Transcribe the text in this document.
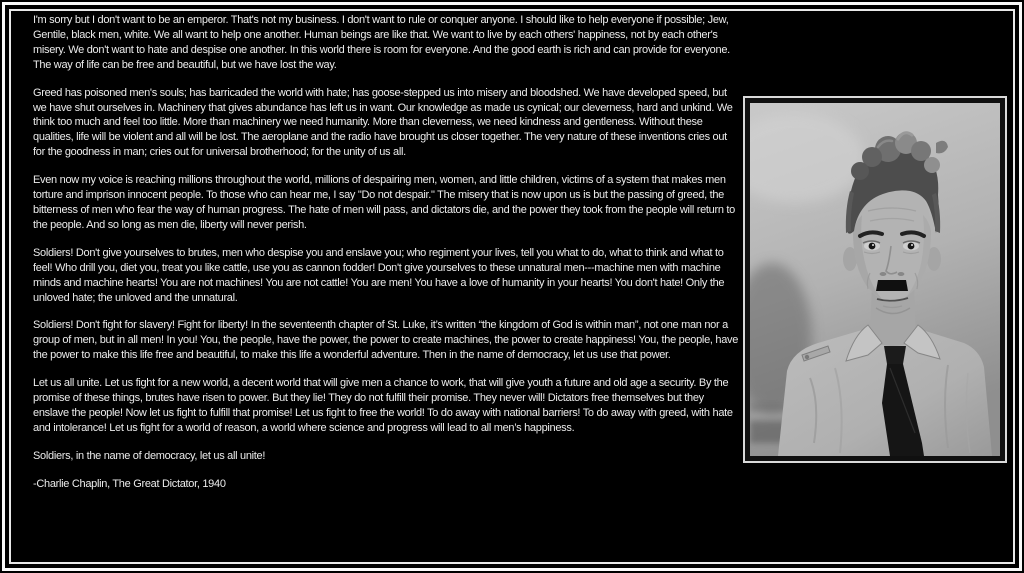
I'm sorry but I don't want to be an emperor. That's not my business. I don't want to rule or conquer anyone. I should like to help everyone if possible; Jew, Gentile, black men, white. We all want to help one another. Human beings are like that. We want to live by each others' happiness, not by each other's misery. We don't want to hate and despise one another. In this world there is room for everyone. And the good earth is rich and can provide for everyone. The way of life can be free and beautiful, but we have lost the way.

Greed has poisoned men's souls; has barricaded the world with hate; has goose-stepped us into misery and bloodshed. We have developed speed, but we have shut ourselves in. Machinery that gives abundance has left us in want. Our knowledge as made us cynical; our cleverness, hard and unkind. We think too much and feel too little. More than machinery we need humanity. More than cleverness, we need kindness and gentleness. Without these qualities, life will be violent and all will be lost. The aeroplane and the radio have brought us closer together. The very nature of these inventions cries out for the goodness in man; cries out for universal brotherhood; for the unity of us all.

Even now my voice is reaching millions throughout the world, millions of despairing men, women, and little children, victims of a system that makes men torture and imprison innocent people. To those who can hear me, I say "Do not despair." The misery that is now upon us is but the passing of greed, the bitterness of men who fear the way of human progress. The hate of men will pass, and dictators die, and the power they took from the people will return to the people. And so long as men die, liberty will never perish.

Soldiers! Don't give yourselves to brutes, men who despise you and enslave you; who regiment your lives, tell you what to do, what to think and what to feel! Who drill you, diet you, treat you like cattle, use you as cannon fodder! Don't give yourselves to these unnatural men---machine men with machine minds and machine hearts! You are not machines! You are not cattle! You are men! You have a love of humanity in your hearts! You don't hate! Only the unloved hate; the unloved and the unnatural.

Soldiers! Don't fight for slavery! Fight for liberty! In the seventeenth chapter of St. Luke, it’s written “the kingdom of God is within man”, not one man nor a group of men, but in all men! In you! You, the people, have the power, the power to create machines, the power to create happiness! You, the people, have the power to make this life free and beautiful, to make this life a wonderful adventure. Then in the name of democracy, let us use that power.

Let us all unite. Let us fight for a new world, a decent world that will give men a chance to work, that will give youth a future and old age a security. By the promise of these things, brutes have risen to power. But they lie! They do not fulfill their promise. They never will! Dictators free themselves but they enslave the people! Now let us fight to fulfill that promise! Let us fight to free the world! To do away with national barriers! To do away with greed, with hate and intolerance! Let us fight for a world of reason, a world where science and progress will lead to all men’s happiness.

Soldiers, in the name of democracy, let us all unite!

-Charlie Chaplin, The Great Dictator, 1940
